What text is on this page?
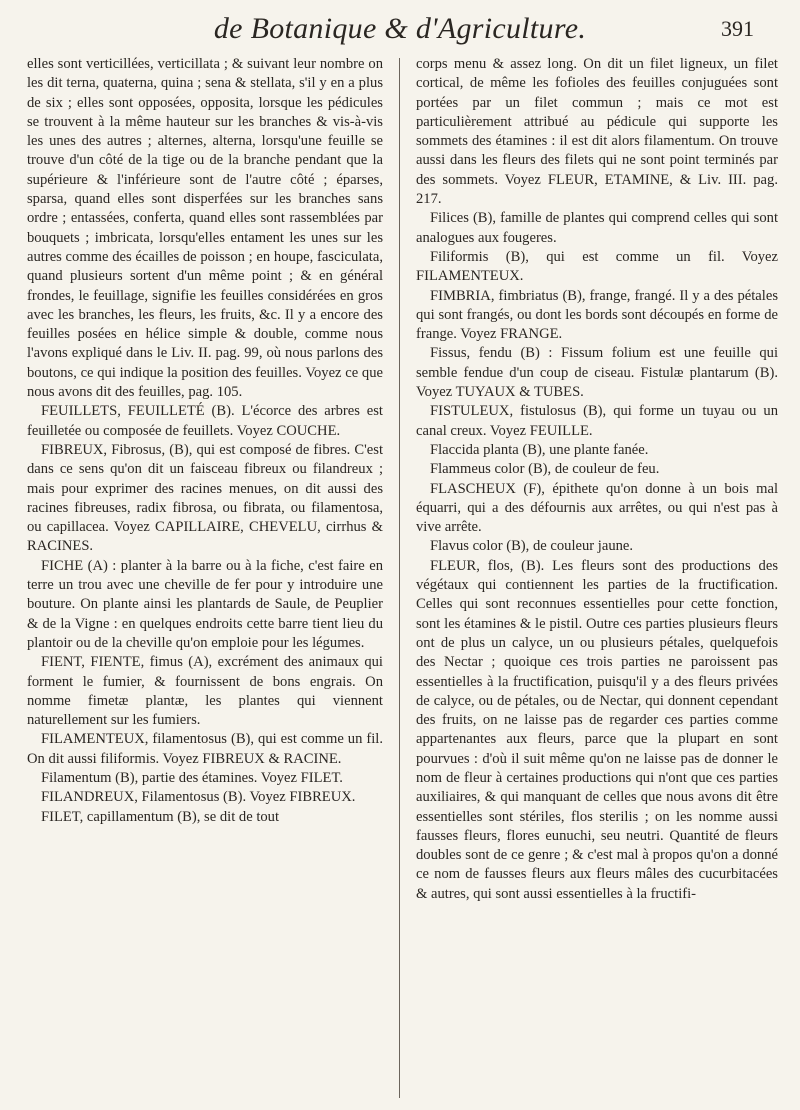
de Botanique & d'Agriculture.	391

elles sont verticillées, verticillata ; & suivant leur nombre on les dit terna, quaterna, quina ; sena & stellata, s'il y en a plus de six ; elles sont opposées, opposita, lorsque les pédicules se trouvent à la même hauteur sur les branches & vis-à-vis les unes des autres ; alternes, alterna, lorsqu'une feuille se trouve d'un côté de la tige ou de la branche pendant que la supérieure & l'inférieure sont de l'autre côté ; éparses, sparsa, quand elles sont disperfées sur les branches sans ordre ; entassées, conferta, quand elles sont rassemblées par bouquets ; imbricata, lorsqu'elles entament les unes sur les autres comme des écailles de poisson ; en houpe, fasciculata, quand plusieurs sortent d'un même point ; & en général frondes, le feuillage, signifie les feuilles considérées en gros avec les branches, les fleurs, les fruits, &c. Il y a encore des feuilles posées en hélice simple & double, comme nous l'avons expliqué dans le Liv. II. pag. 99, où nous parlons des boutons, ce qui indique la position des feuilles. Voyez ce que nous avons dit des feuilles, pag. 105.

FEUILLETS, FEUILLETÉ (B). L'écorce des arbres est feuilletée ou composée de feuillets. Voyez COUCHE.

FIBREUX, Fibrosus, (B), qui est composé de fibres. C'est dans ce sens qu'on dit un faisceau fibreux ou filandreux ; mais pour exprimer des racines menues, on dit aussi des racines fibreuses, radix fibrosa, ou fibrata, ou filamentosa, ou capillacea. Voyez CAPILLAIRE, CHEVELU, cirrhus & RACINES.

FICHE (A) : planter à la barre ou à la fiche, c'est faire en terre un trou avec une cheville de fer pour y introduire une bouture. On plante ainsi les plantards de Saule, de Peuplier & de la Vigne : en quelques endroits cette barre tient lieu du plantoir ou de la cheville qu'on emploie pour les légumes.

FIENT, FIENTE, fimus (A), excrément des animaux qui forment le fumier, & fournissent de bons engrais. On nomme fimetæ plantæ, les plantes qui viennent naturellement sur les fumiers.

FILAMENTEUX, filamentosus (B), qui est comme un fil. On dit aussi filiformis. Voyez FIBREUX & RACINE.

Filamentum (B), partie des étamines. Voyez FILET.

FILANDREUX, Filamentosus (B). Voyez FIBREUX.

FILET, capillamentum (B), se dit de tout

corps menu & assez long. On dit un filet ligneux, un filet cortical, de même les fofioles des feuilles conjuguées sont portées par un filet commun ; mais ce mot est particulièrement attribué au pédicule qui supporte les sommets des étamines : il est dit alors filamentum. On trouve aussi dans les fleurs des filets qui ne sont point terminés par des sommets. Voyez FLEUR, ETAMINE, & Liv. III. pag. 217.

Filices (B), famille de plantes qui comprend celles qui sont analogues aux fougeres.

Filiformis (B), qui est comme un fil. Voyez FILAMENTEUX.

FIMBRIA, fimbriatus (B), frange, frangé. Il y a des pétales qui sont frangés, ou dont les bords sont découpés en forme de frange. Voyez FRANGE.

Fissus, fendu (B) : Fissum folium est une feuille qui semble fendue d'un coup de ciseau. Fistulæ plantarum (B). Voyez TUYAUX & TUBES.

FISTULEUX, fistulosus (B), qui forme un tuyau ou un canal creux. Voyez FEUILLE.

Flaccida planta (B), une plante fanée.

Flammeus color (B), de couleur de feu.

FLASCHEUX (F), épithete qu'on donne à un bois mal équarri, qui a des défournis aux arrêtes, ou qui n'est pas à vive arrête.

Flavus color (B), de couleur jaune.

FLEUR, flos, (B). Les fleurs sont des productions des végétaux qui contiennent les parties de la fructification. Celles qui sont reconnues essentielles pour cette fonction, sont les étamines & le pistil. Outre ces parties plusieurs fleurs ont de plus un calyce, un ou plusieurs pétales, quelquefois des Nectar ; quoique ces trois parties ne paroissent pas essentielles à la fructification, puisqu'il y a des fleurs privées de calyce, ou de pétales, ou de Nectar, qui donnent cependant des fruits, on ne laisse pas de regarder ces parties comme appartenantes aux fleurs, parce que la plupart en sont pourvues : d'où il suit même qu'on ne laisse pas de donner le nom de fleur à certaines productions qui n'ont que ces parties auxiliaires, & qui manquant de celles que nous avons dit être essentielles sont stériles, flos sterilis ; on les nomme aussi fausses fleurs, flores eunuchi, seu neutri. Quantité de fleurs doubles sont de ce genre ; & c'est mal à propos qu'on a donné ce nom de fausses fleurs aux fleurs mâles des cucurbitacées & autres, qui sont aussi essentielles à la fructifi-
